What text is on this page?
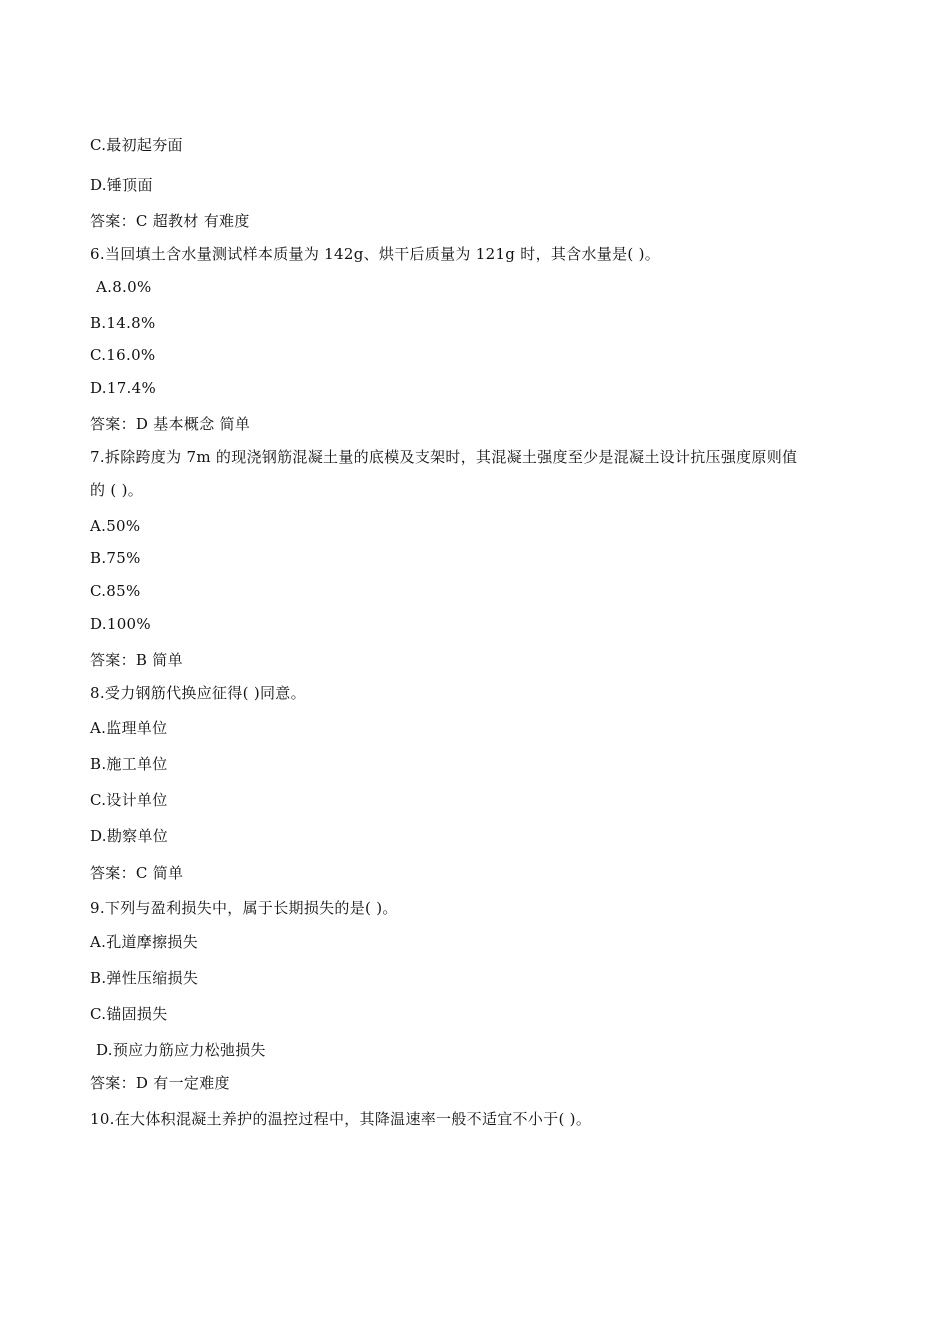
C.最初起夯面
D.锤顶面
答案：C 超教材 有难度
6.当回填土含水量测试样本质量为 142g、烘干后质量为 121g 时，其含水量是( )。
A.8.0%
B.14.8%
C.16.0%
D.17.4%
答案：D 基本概念 简单
7.拆除跨度为 7m 的现浇钢筋混凝土量的底模及支架时，其混凝土强度至少是混凝土设计抗压强度原则值
的 ( )。
A.50%
B.75%
C.85%
D.100%
答案：B 简单
8.受力钢筋代换应征得( )同意。
A.监理单位
B.施工单位
C.设计单位
D.勘察单位
答案：C 简单
9.下列与盈利损失中，属于长期损失的是( )。
A.孔道摩擦损失
B.弹性压缩损失
C.锚固损失
D.预应力筋应力松弛损失
答案：D 有一定难度
10.在大体积混凝土养护的温控过程中，其降温速率一般不适宜不小于( )。
